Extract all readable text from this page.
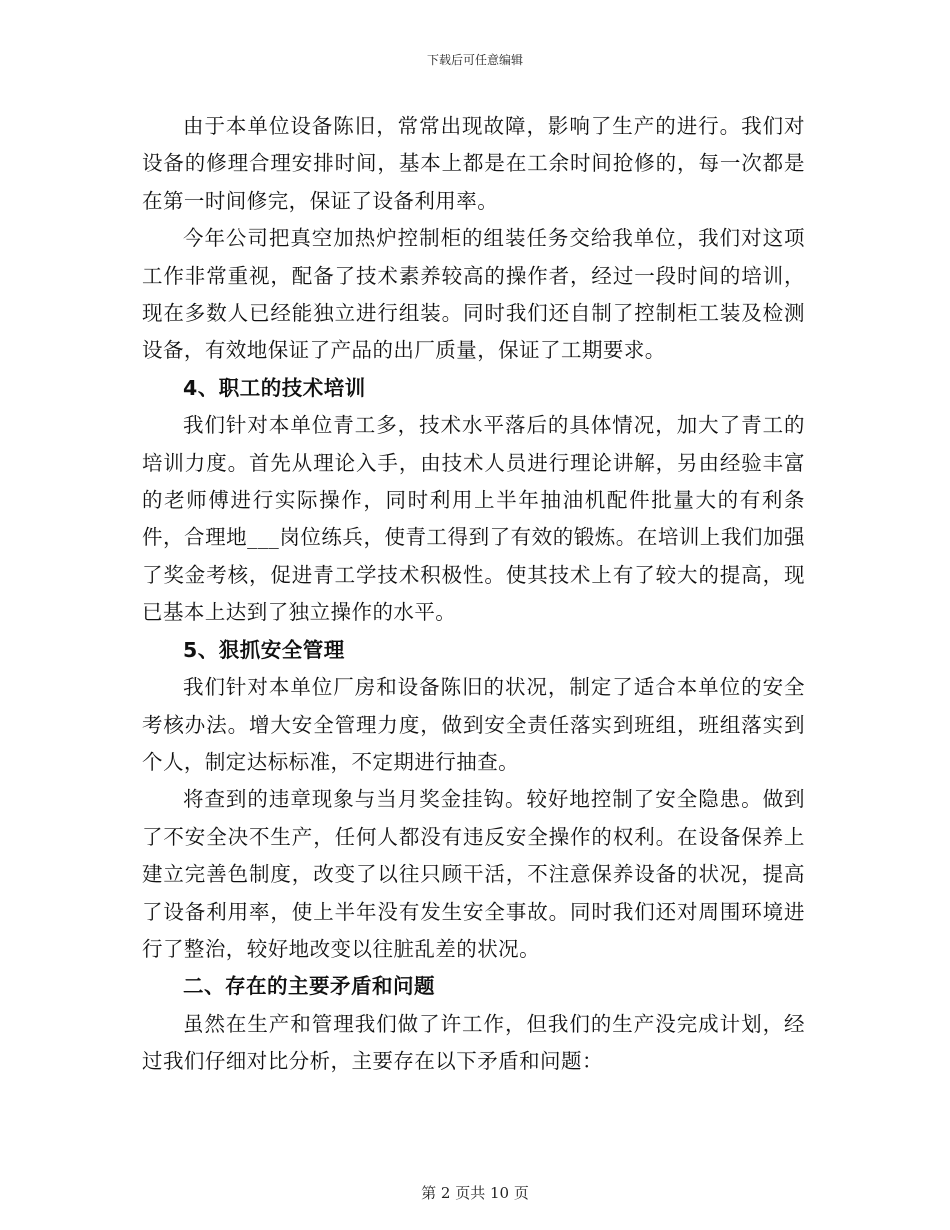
下载后可任意编辑

由于本单位设备陈旧，常常出现故障，影响了生产的进行。我们对设备的修理合理安排时间，基本上都是在工余时间抢修的，每一次都是在第一时间修完，保证了设备利用率。

今年公司把真空加热炉控制柜的组装任务交给我单位，我们对这项工作非常重视，配备了技术素养较高的操作者，经过一段时间的培训，现在多数人已经能独立进行组装。同时我们还自制了控制柜工装及检测设备，有效地保证了产品的出厂质量，保证了工期要求。

4、职工的技术培训

我们针对本单位青工多，技术水平落后的具体情况，加大了青工的培训力度。首先从理论入手，由技术人员进行理论讲解，另由经验丰富的老师傅进行实际操作，同时利用上半年抽油机配件批量大的有利条件，合理地___岗位练兵，使青工得到了有效的锻炼。在培训上我们加强了奖金考核，促进青工学技术积极性。使其技术上有了较大的提高，现已基本上达到了独立操作的水平。

5、狠抓安全管理

我们针对本单位厂房和设备陈旧的状况，制定了适合本单位的安全考核办法。增大安全管理力度，做到安全责任落实到班组，班组落实到个人，制定达标标准，不定期进行抽查。

将查到的违章现象与当月奖金挂钩。较好地控制了安全隐患。做到了不安全决不生产，任何人都没有违反安全操作的权利。在设备保养上建立完善色制度，改变了以往只顾干活，不注意保养设备的状况，提高了设备利用率，使上半年没有发生安全事故。同时我们还对周围环境进行了整治，较好地改变以往脏乱差的状况。

二、存在的主要矛盾和问题

虽然在生产和管理我们做了许工作，但我们的生产没完成计划，经过我们仔细对比分析，主要存在以下矛盾和问题：

第 2 页共 10 页
